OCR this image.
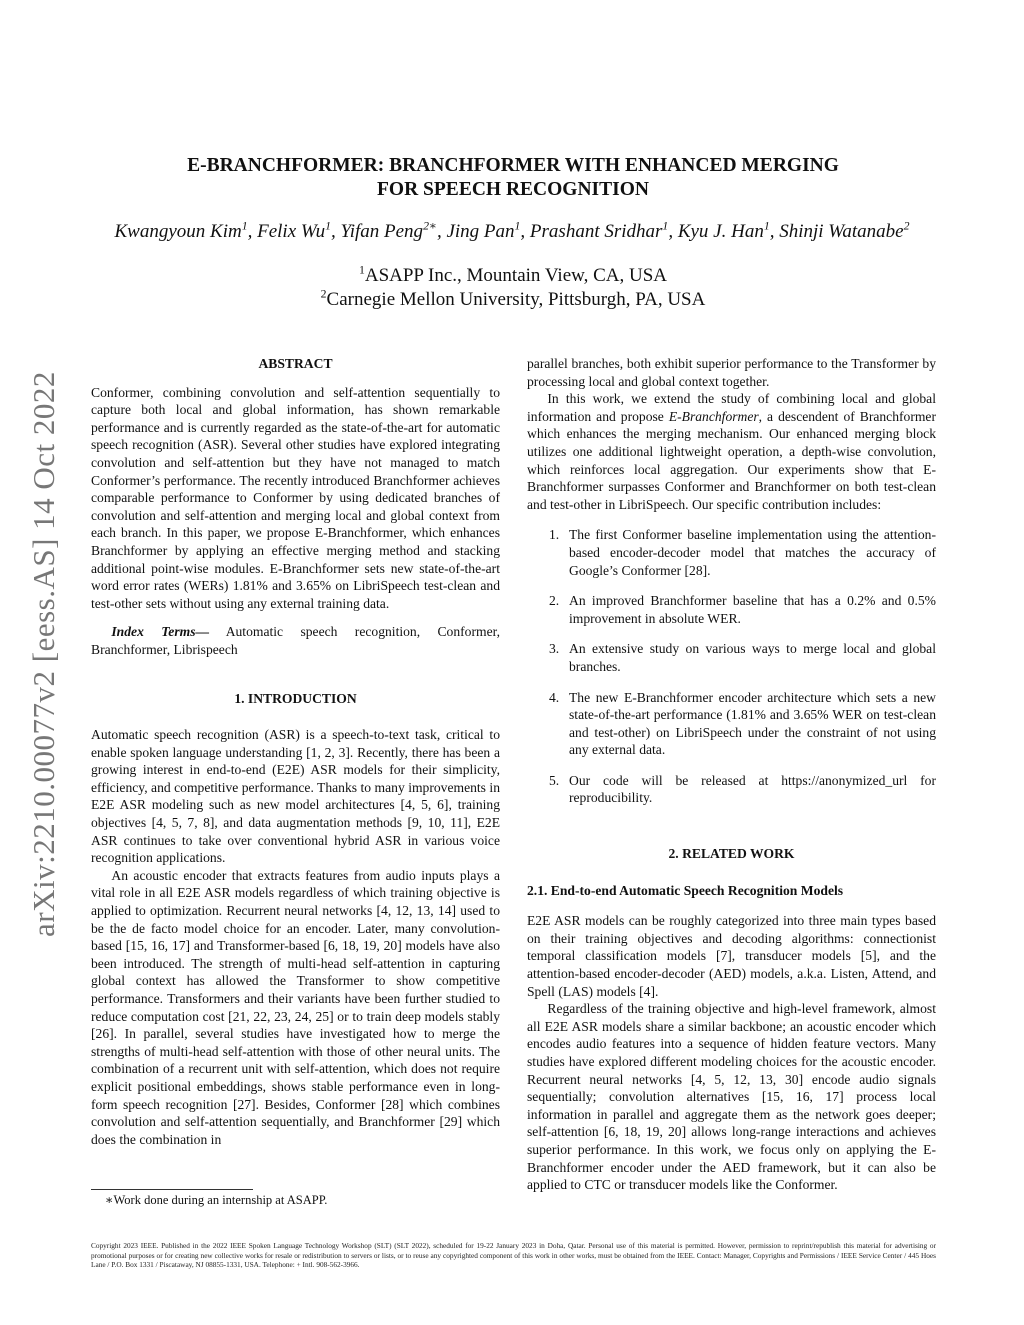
arXiv:2210.00077v2 [eess.AS] 14 Oct 2022
E-BRANCHFORMER: BRANCHFORMER WITH ENHANCED MERGING
FOR SPEECH RECOGNITION
Kwangyoun Kim$^1$, Felix Wu$^1$, Yifan Peng$^{2∗}$, Jing Pan$^1$, Prashant Sridhar$^1$, Kyu J. Han$^1$, Shinji Watanabe$^2$
$^1$ASAPP Inc., Mountain View, CA, USA
$^2$Carnegie Mellon University, Pittsburgh, PA, USA
ABSTRACT

Conformer, combining convolution and self-attention sequentially to capture both local and global information, has shown remarkable performance and is currently regarded as the state-of-the-art for automatic speech recognition (ASR). Several other studies have explored integrating convolution and self-attention but they have not managed to match Conformer’s performance. The recently introduced Branchformer achieves comparable performance to Conformer by using dedicated branches of convolution and self-attention and merging local and global context from each branch. In this paper, we propose E-Branchformer, which enhances Branchformer by applying an effective merging method and stacking additional point-wise modules. E-Branchformer sets new state-of-the-art word error rates (WERs) 1.81% and 3.65% on LibriSpeech test-clean and test-other sets without using any external training data.

Index Terms— Automatic speech recognition, Conformer, Branchformer, Librispeech

1. INTRODUCTION

Automatic speech recognition (ASR) is a speech-to-text task, critical to enable spoken language understanding [1, 2, 3]. Recently, there has been a growing interest in end-to-end (E2E) ASR models for their simplicity, efficiency, and competitive performance. Thanks to many improvements in E2E ASR modeling such as new model architectures [4, 5, 6], training objectives [4, 5, 7, 8], and data augmentation methods [9, 10, 11], E2E ASR continues to take over conventional hybrid ASR in various voice recognition applications.

An acoustic encoder that extracts features from audio inputs plays a vital role in all E2E ASR models regardless of which training objective is applied to optimization. Recurrent neural networks [4, 12, 13, 14] used to be the de facto model choice for an encoder. Later, many convolution-based [15, 16, 17] and Transformer-based [6, 18, 19, 20] models have also been introduced. The strength of multi-head self-attention in capturing global context has allowed the Transformer to show competitive performance. Transformers and their variants have been further studied to reduce computation cost [21, 22, 23, 24, 25] or to train deep models stably [26]. In parallel, several studies have investigated how to merge the strengths of multi-head self-attention with those of other neural units. The combination of a recurrent unit with self-attention, which does not require explicit positional embeddings, shows stable performance even in long-form speech recognition [27]. Besides, Conformer [28] which combines convolution and self-attention sequentially, and Branchformer [29] which does the combination in

parallel branches, both exhibit superior performance to the Transformer by processing local and global context together.

In this work, we extend the study of combining local and global information and propose E-Branchformer, a descendent of Branchformer which enhances the merging mechanism. Our enhanced merging block utilizes one additional lightweight operation, a depth-wise convolution, which reinforces local aggregation. Our experiments show that E-Branchformer surpasses Conformer and Branchformer on both test-clean and test-other in LibriSpeech. Our specific contribution includes:

1. The first Conformer baseline implementation using the attention-based encoder-decoder model that matches the accuracy of Google’s Conformer [28].
2. An improved Branchformer baseline that has a 0.2% and 0.5% improvement in absolute WER.
3. An extensive study on various ways to merge local and global branches.
4. The new E-Branchformer encoder architecture which sets a new state-of-the-art performance (1.81% and 3.65% WER on test-clean and test-other) on LibriSpeech under the constraint of not using any external data.
5. Our code will be released at https://anonymized_url for reproducibility.
2. RELATED WORK
2.1. End-to-end Automatic Speech Recognition Models

E2E ASR models can be roughly categorized into three main types based on their training objectives and decoding algorithms: connectionist temporal classification models [7], transducer models [5], and the attention-based encoder-decoder (AED) models, a.k.a. Listen, Attend, and Spell (LAS) models [4].

Regardless of the training objective and high-level framework, almost all E2E ASR models share a similar backbone; an acoustic encoder which encodes audio features into a sequence of hidden feature vectors. Many studies have explored different modeling choices for the acoustic encoder. Recurrent neural networks [4, 5, 12, 13, 30] encode audio signals sequentially; convolution alternatives [15, 16, 17] process local information in parallel and aggregate them as the network goes deeper; self-attention [6, 18, 19, 20] allows long-range interactions and achieves superior performance. In this work, we focus only on applying the E-Branchformer encoder under the AED framework, but it can also be applied to CTC or transducer models like the Conformer.

∗Work done during an internship at ASAPP.
Copyright 2023 IEEE. Published in the 2022 IEEE Spoken Language Technology Workshop (SLT) (SLT 2022), scheduled for 19-22 January 2023 in Doha, Qatar. Personal use of this material is permitted. However, permission to reprint/republish this material for advertising or promotional purposes or for creating new collective works for resale or redistribution to servers or lists, or to reuse any copyrighted component of this work in other works, must be obtained from the IEEE. Contact: Manager, Copyrights and Permissions / IEEE Service Center / 445 Hoes Lane / P.O. Box 1331 / Piscataway, NJ 08855-1331, USA. Telephone: + Intl. 908-562-3966.
